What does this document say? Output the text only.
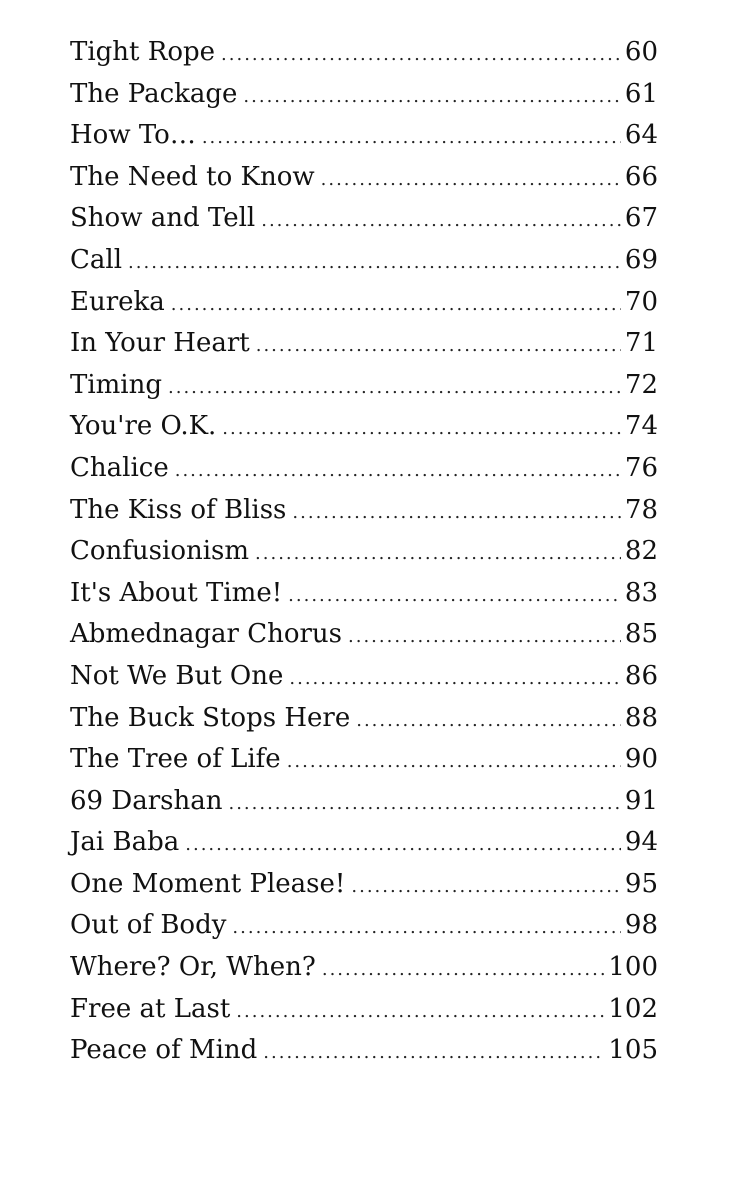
Tight Rope .....	60
The Package .....	61
How To… .....	64
The Need to Know .....	66
Show and Tell .....	67
Call .....	69
Eureka .....	70
In Your Heart .....	71
Timing .....	72
You're O.K. .....	74
Chalice .....	76
The Kiss of Bliss .....	78
Confusionism .....	82
It's About Time! .....	83
Abmednagar Chorus .....	85
Not We But One .....	86
The Buck Stops Here .....	88
The Tree of Life .....	90
69 Darshan .....	91
Jai Baba .....	94
One Moment Please! .....	95
Out of Body .....	98
Where? Or, When? .....	100
Free at Last .....	102
Peace of Mind .....	105
